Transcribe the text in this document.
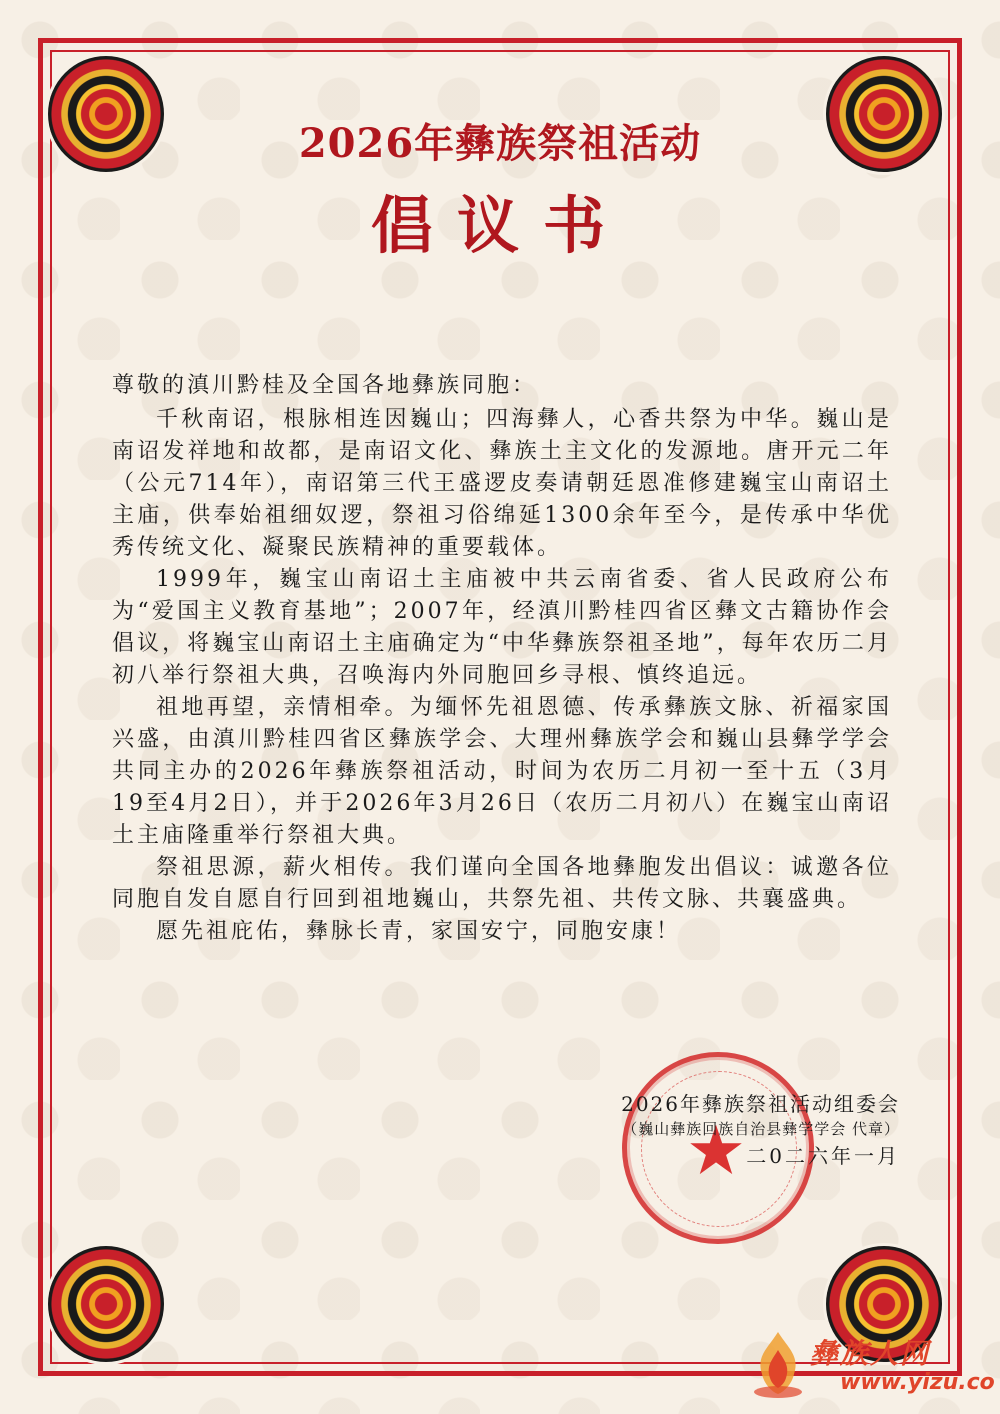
2026年彝族祭祖活动
倡议书

尊敬的滇川黔桂及全国各地彝族同胞：

千秋南诏，根脉相连因巍山；四海彝人，心香共祭为中华。巍山是南诏发祥地和故都，是南诏文化、彝族土主文化的发源地。唐开元二年（公元714年），南诏第三代王盛逻皮奏请朝廷恩准修建巍宝山南诏土主庙，供奉始祖细奴逻，祭祖习俗绵延1300余年至今，是传承中华优秀传统文化、凝聚民族精神的重要载体。

1999年，巍宝山南诏土主庙被中共云南省委、省人民政府公布为“爱国主义教育基地”；2007年，经滇川黔桂四省区彝文古籍协作会倡议，将巍宝山南诏土主庙确定为“中华彝族祭祖圣地”，每年农历二月初八举行祭祖大典，召唤海内外同胞回乡寻根、慎终追远。

祖地再望，亲情相牵。为缅怀先祖恩德、传承彝族文脉、祈福家国兴盛，由滇川黔桂四省区彝族学会、大理州彝族学会和巍山县彝学学会共同主办的2026年彝族祭祖活动，时间为农历二月初一至十五（3月19至4月2日），并于2026年3月26日（农历二月初八）在巍宝山南诏土主庙隆重举行祭祖大典。

祭祖思源，薪火相传。我们谨向全国各地彝胞发出倡议：诚邀各位同胞自发自愿自行回到祖地巍山，共祭先祖、共传文脉、共襄盛典。

愿先祖庇佑，彝脉长青，家国安宁，同胞安康！

2026年彝族祭祖活动组委会
（巍山彝族回族自治县彝学学会 代章）
二0二六年一月
彝族人网
www.yizu.co
